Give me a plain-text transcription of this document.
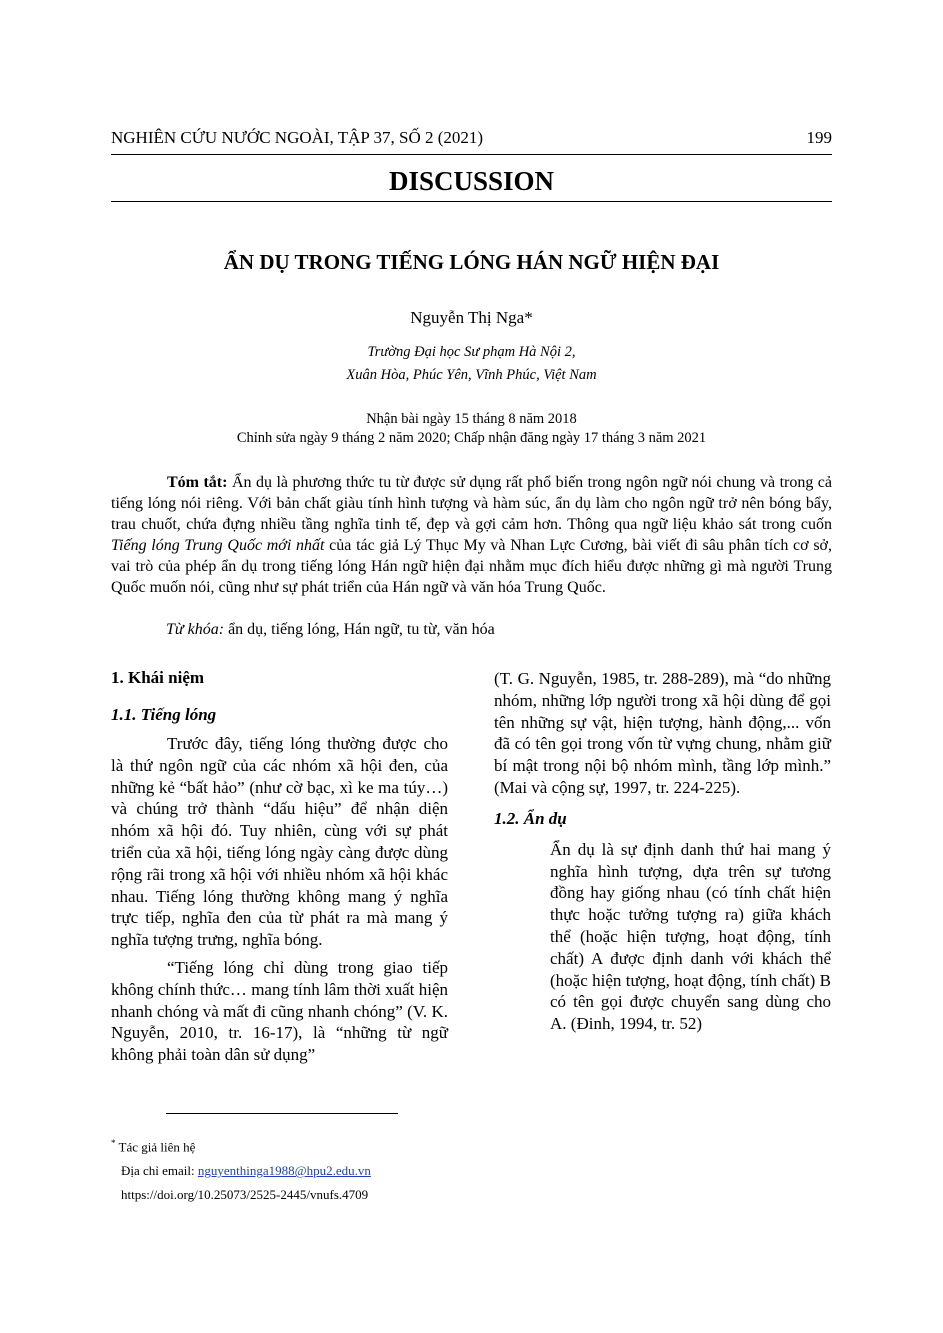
NGHIÊN CỨU NƯỚC NGOÀI, TẬP 37, SỐ 2 (2021)	199
DISCUSSION
ẨN DỤ TRONG TIẾNG LÓNG HÁN NGỮ HIỆN ĐẠI
Nguyễn Thị Nga*
Trường Đại học Sư phạm Hà Nội 2,
Xuân Hòa, Phúc Yên, Vĩnh Phúc, Việt Nam
Nhận bài ngày 15 tháng 8 năm 2018
Chỉnh sửa ngày 9 tháng 2 năm 2020; Chấp nhận đăng ngày 17 tháng 3 năm 2021

Tóm tắt: Ẩn dụ là phương thức tu từ được sử dụng rất phổ biến trong ngôn ngữ nói chung và trong cả tiếng lóng nói riêng. Với bản chất giàu tính hình tượng và hàm súc, ẩn dụ làm cho ngôn ngữ trở nên bóng bẩy, trau chuốt, chứa đựng nhiều tầng nghĩa tinh tế, đẹp và gợi cảm hơn. Thông qua ngữ liệu khảo sát trong cuốn Tiếng lóng Trung Quốc mới nhất của tác giả Lý Thục My và Nhan Lực Cương, bài viết đi sâu phân tích cơ sở, vai trò của phép ẩn dụ trong tiếng lóng Hán ngữ hiện đại nhằm mục đích hiểu được những gì mà người Trung Quốc muốn nói, cũng như sự phát triển của Hán ngữ và văn hóa Trung Quốc.

Từ khóa: ẩn dụ, tiếng lóng, Hán ngữ, tu từ, văn hóa
1. Khái niệm
1.1. Tiếng lóng

Trước đây, tiếng lóng thường được cho là thứ ngôn ngữ của các nhóm xã hội đen, của những kẻ “bất hảo” (như cờ bạc, xì ke ma túy…) và chúng trở thành “dấu hiệu” để nhận diện nhóm xã hội đó. Tuy nhiên, cùng với sự phát triển của xã hội, tiếng lóng ngày càng được dùng rộng rãi trong xã hội với nhiều nhóm xã hội khác nhau. Tiếng lóng thường không mang ý nghĩa trực tiếp, nghĩa đen của từ phát ra mà mang ý nghĩa tượng trưng, nghĩa bóng.

“Tiếng lóng chỉ dùng trong giao tiếp không chính thức… mang tính lâm thời xuất hiện nhanh chóng và mất đi cũng nhanh chóng” (V. K. Nguyễn, 2010, tr. 16-17), là “những từ ngữ không phải toàn dân sử dụng”

(T. G. Nguyễn, 1985, tr. 288-289), mà “do những nhóm, những lớp người trong xã hội dùng để gọi tên những sự vật, hiện tượng, hành động,... vốn đã có tên gọi trong vốn từ vựng chung, nhằm giữ bí mật trong nội bộ nhóm mình, tầng lớp mình.” (Mai và cộng sự, 1997, tr. 224-225).

1.2. Ẩn dụ

Ẩn dụ là sự định danh thứ hai mang ý nghĩa hình tượng, dựa trên sự tương đồng hay giống nhau (có tính chất hiện thực hoặc tưởng tượng ra) giữa khách thể (hoặc hiện tượng, hoạt động, tính chất) A được định danh với khách thể (hoặc hiện tượng, hoạt động, tính chất) B có tên gọi được chuyển sang dùng cho A. (Đinh, 1994, tr. 52)

* Tác giả liên hệ
Địa chỉ email: nguyenthinga1988@hpu2.edu.vn
https://doi.org/10.25073/2525-2445/vnufs.4709
